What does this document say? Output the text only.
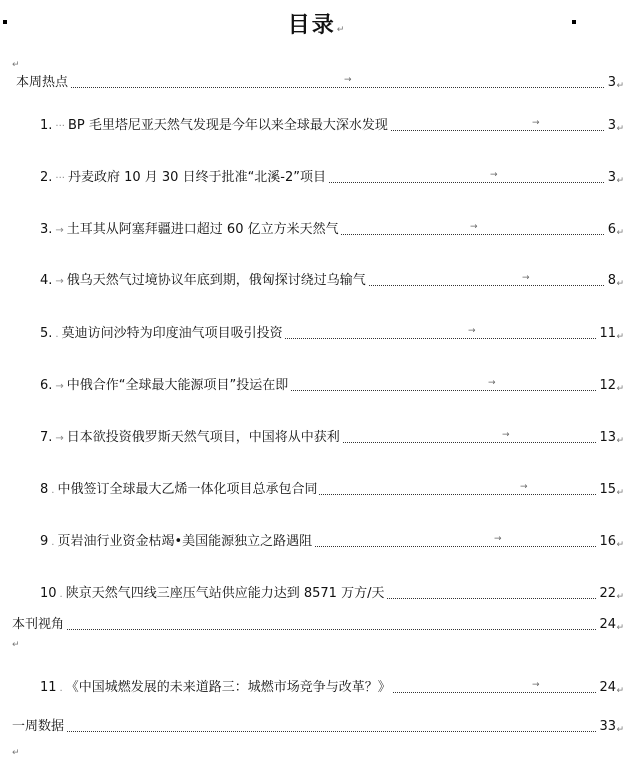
目录↵
↵
本周热点	→	3 ↵
1. ··· BP 毛里塔尼亚天然气发现是今年以来全球最大深水发现	→	3 ↵
2. ··· 丹麦政府 10 月 30 日终于批准“北溪-2”项目	→	3 ↵
3. → 土耳其从阿塞拜疆进口超过 60 亿立方米天然气	→	6 ↵
4. → 俄乌天然气过境协议年底到期，俄匈探讨绕过乌输气	→	8 ↵
5. . 莫迪访问沙特为印度油气项目吸引投资	→	11 ↵
6. → 中俄合作“全球最大能源项目”投运在即	→	12 ↵
7. → 日本欲投资俄罗斯天然气项目，中国将从中获利	→	13 ↵
8 . 中俄签订全球最大乙烯一体化项目总承包合同	→	15 ↵
9 . 页岩油行业资金枯竭•美国能源独立之路遇阻	→	16 ↵
10 . 陕京天然气四线三座压气站供应能力达到 8571 万方/天	22 ↵
本刊视角	24 ↵
↵
11 . 《中国城燃发展的未来道路三：城燃市场竞争与改革？》	→	24 ↵
一周数据	33 ↵
↵
